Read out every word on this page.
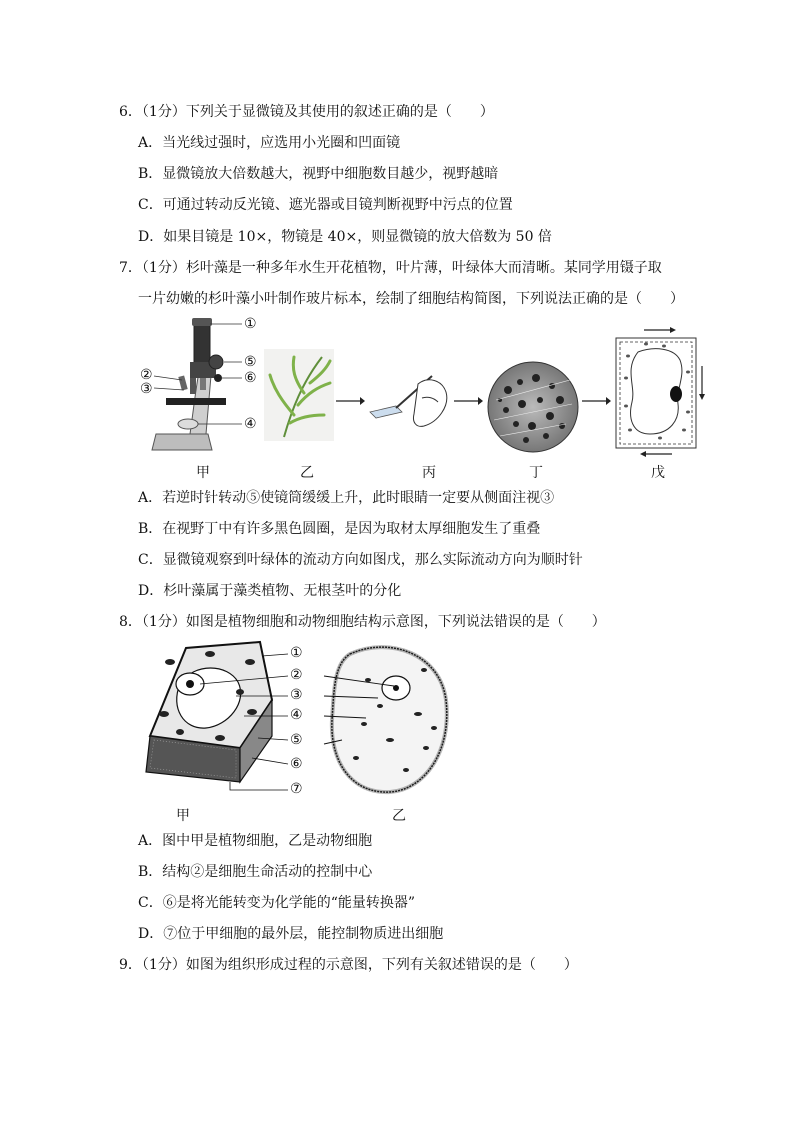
6．（1分）下列关于显微镜及其使用的叙述正确的是（　　）
A．当光线过强时，应选用小光圈和凹面镜
B．显微镜放大倍数越大，视野中细胞数目越少，视野越暗
C．可通过转动反光镜、遮光器或目镜判断视野中污点的位置
D．如果目镜是 10×，物镜是 40×，则显微镜的放大倍数为 50 倍
7．（1分）杉叶藻是一种多年水生开花植物，叶片薄，叶绿体大而清晰。某同学用镊子取
一片幼嫩的杉叶藻小叶制作玻片标本，绘制了细胞结构简图，下列说法正确的是（　　）
①
②
③
④
⑤
⑥
甲	乙	丙	丁	戊
A．若逆时针转动⑤使镜筒缓缓上升，此时眼睛一定要从侧面注视③
B．在视野丁中有许多黑色圆圈，是因为取材太厚细胞发生了重叠
C．显微镜观察到叶绿体的流动方向如图戊，那么实际流动方向为顺时针
D．杉叶藻属于藻类植物、无根茎叶的分化
8．（1分）如图是植物细胞和动物细胞结构示意图，下列说法错误的是（　　）
①
②
③
④
⑤
⑥
⑦
甲	乙
A．图中甲是植物细胞，乙是动物细胞
B．结构②是细胞生命活动的控制中心
C．⑥是将光能转变为化学能的“能量转换器”
D．⑦位于甲细胞的最外层，能控制物质进出细胞
9．（1分）如图为组织形成过程的示意图，下列有关叙述错误的是（　　）
